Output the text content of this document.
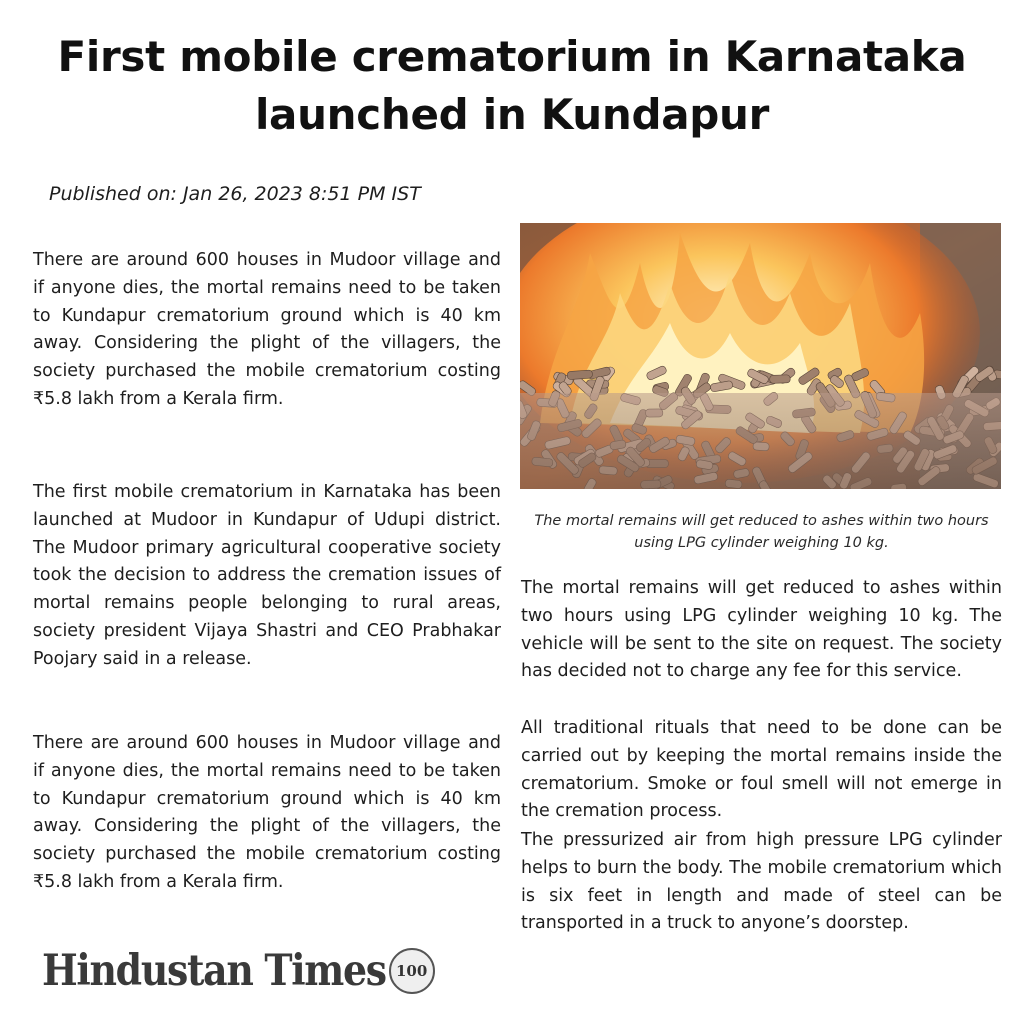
First mobile crematorium in Karnataka
launched in Kundapur
Published on: Jan 26, 2023 8:51 PM IST

There are around 600 houses in Mudoor village and if anyone dies, the mortal remains need to be taken to Kundapur crematorium ground which is 40 km away. Considering the plight of the villagers, the society purchased the mobile crematorium costing ₹5.8 lakh from a Kerala firm.

The first mobile crematorium in Karnataka has been launched at Mudoor in Kundapur of Udupi district. The Mudoor primary agricultural cooperative society took the decision to address the cremation issues of mortal remains people belonging to rural areas, society president Vijaya Shastri and CEO Prabhakar Poojary said in a release.

There are around 600 houses in Mudoor village and if anyone dies, the mortal remains need to be taken to Kundapur crematorium ground which is 40 km away. Considering the plight of the villagers, the society purchased the mobile crematorium costing ₹5.8 lakh from a Kerala firm.

The mortal remains will get reduced to ashes within two hours using LPG cylinder weighing 10 kg.

The mortal remains will get reduced to ashes within two hours using LPG cylinder weighing 10 kg. The vehicle will be sent to the site on request. The society has decided not to charge any fee for this service.

All traditional rituals that need to be done can be carried out by keeping the mortal remains inside the crematorium. Smoke or foul smell will not emerge in the cremation process.

The pressurized air from high pressure LPG cylinder helps to burn the body. The mobile crematorium which is six feet in length and made of steel can be transported in a truck to anyone’s doorstep.

Hindustan Times 100
